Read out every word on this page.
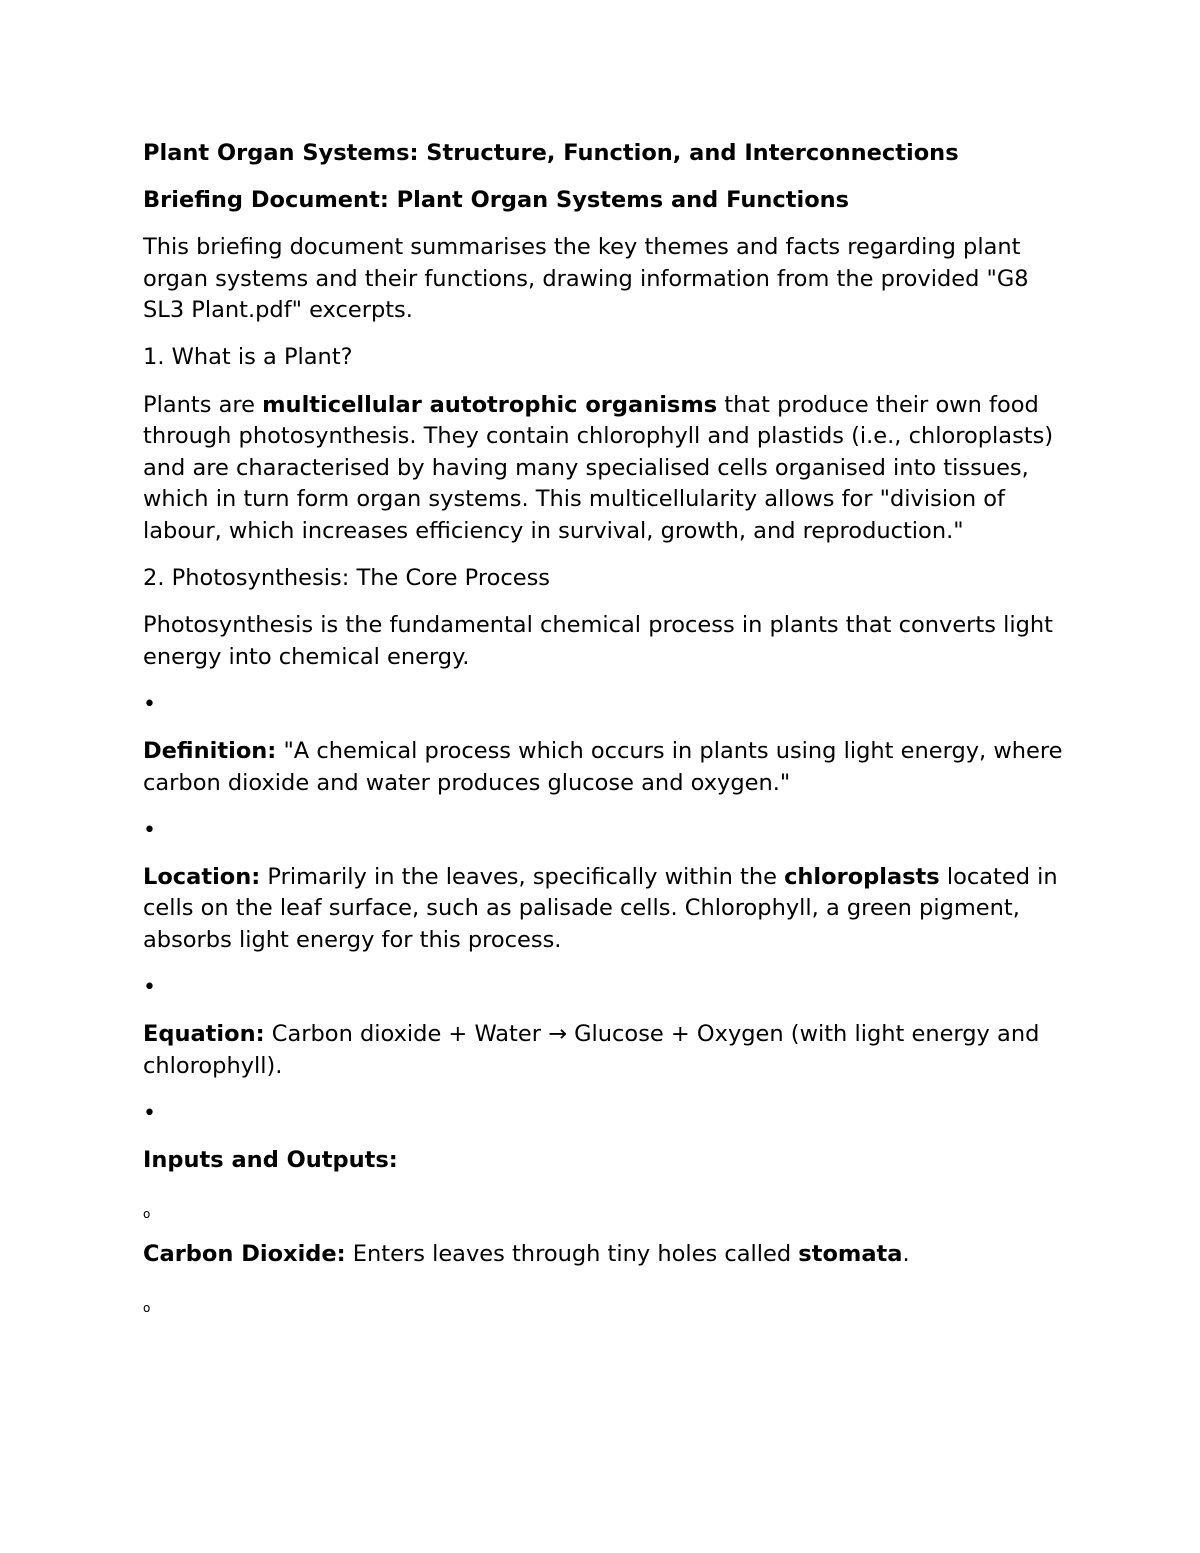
Plant Organ Systems: Structure, Function, and Interconnections

Briefing Document: Plant Organ Systems and Functions

This briefing document summarises the key themes and facts regarding plant organ systems and their functions, drawing information from the provided "G8 SL3 Plant.pdf" excerpts.

1. What is a Plant?

Plants are multicellular autotrophic organisms that produce their own food through photosynthesis. They contain chlorophyll and plastids (i.e., chloroplasts) and are characterised by having many specialised cells organised into tissues, which in turn form organ systems. This multicellularity allows for "division of labour, which increases efficiency in survival, growth, and reproduction."

2. Photosynthesis: The Core Process

Photosynthesis is the fundamental chemical process in plants that converts light energy into chemical energy.

•

Definition: "A chemical process which occurs in plants using light energy, where carbon dioxide and water produces glucose and oxygen."

•

Location: Primarily in the leaves, specifically within the chloroplasts located in cells on the leaf surface, such as palisade cells. Chlorophyll, a green pigment, absorbs light energy for this process.

•

Equation: Carbon dioxide + Water → Glucose + Oxygen (with light energy and chlorophyll).

•

Inputs and Outputs:

o

Carbon Dioxide: Enters leaves through tiny holes called stomata.

o
